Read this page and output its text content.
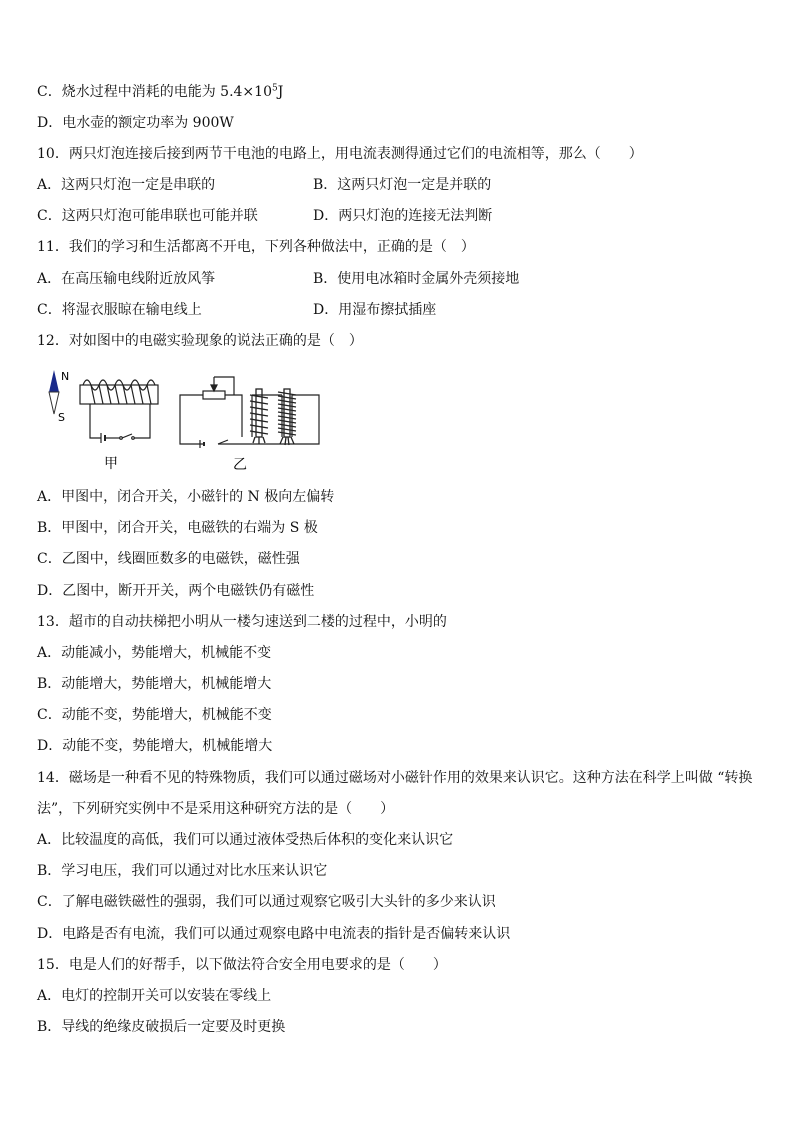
C．烧水过程中消耗的电能为 $5.4\times 10^5J$
D．电水壶的额定功率为 900W
10．两只灯泡连接后接到两节干电池的电路上，用电流表测得通过它们的电流相等，那么（　　）
A．这两只灯泡一定是串联的	B．这两只灯泡一定是并联的
C．这两只灯泡可能串联也可能并联	D．两只灯泡的连接无法判断
11．我们的学习和生活都离不开电，下列各种做法中，正确的是（　）
A．在高压输电线附近放风筝	B．使用电冰箱时金属外壳须接地
C．将湿衣服晾在输电线上	D．用湿布擦拭插座
12．对如图中的电磁实验现象的说法正确的是（　）
N
S
甲	乙
A．甲图中，闭合开关，小磁针的 N 极向左偏转
B．甲图中，闭合开关，电磁铁的右端为 S 极
C．乙图中，线圈匝数多的电磁铁，磁性强
D．乙图中，断开开关，两个电磁铁仍有磁性
13．超市的自动扶梯把小明从一楼匀速送到二楼的过程中，小明的
A．动能减小，势能增大，机械能不变
B．动能增大，势能增大，机械能增大
C．动能不变，势能增大，机械能不变
D．动能不变，势能增大，机械能增大
14．磁场是一种看不见的特殊物质，我们可以通过磁场对小磁针作用的效果来认识它。这种方法在科学上叫做 “转换
法”，下列研究实例中不是采用这种研究方法的是（　　）
A．比较温度的高低，我们可以通过液体受热后体积的变化来认识它
B．学习电压，我们可以通过对比水压来认识它
C．了解电磁铁磁性的强弱，我们可以通过观察它吸引大头针的多少来认识
D．电路是否有电流，我们可以通过观察电路中电流表的指针是否偏转来认识
15．电是人们的好帮手，以下做法符合安全用电要求的是（　　）
A．电灯的控制开关可以安装在零线上
B．导线的绝缘皮破损后一定要及时更换
